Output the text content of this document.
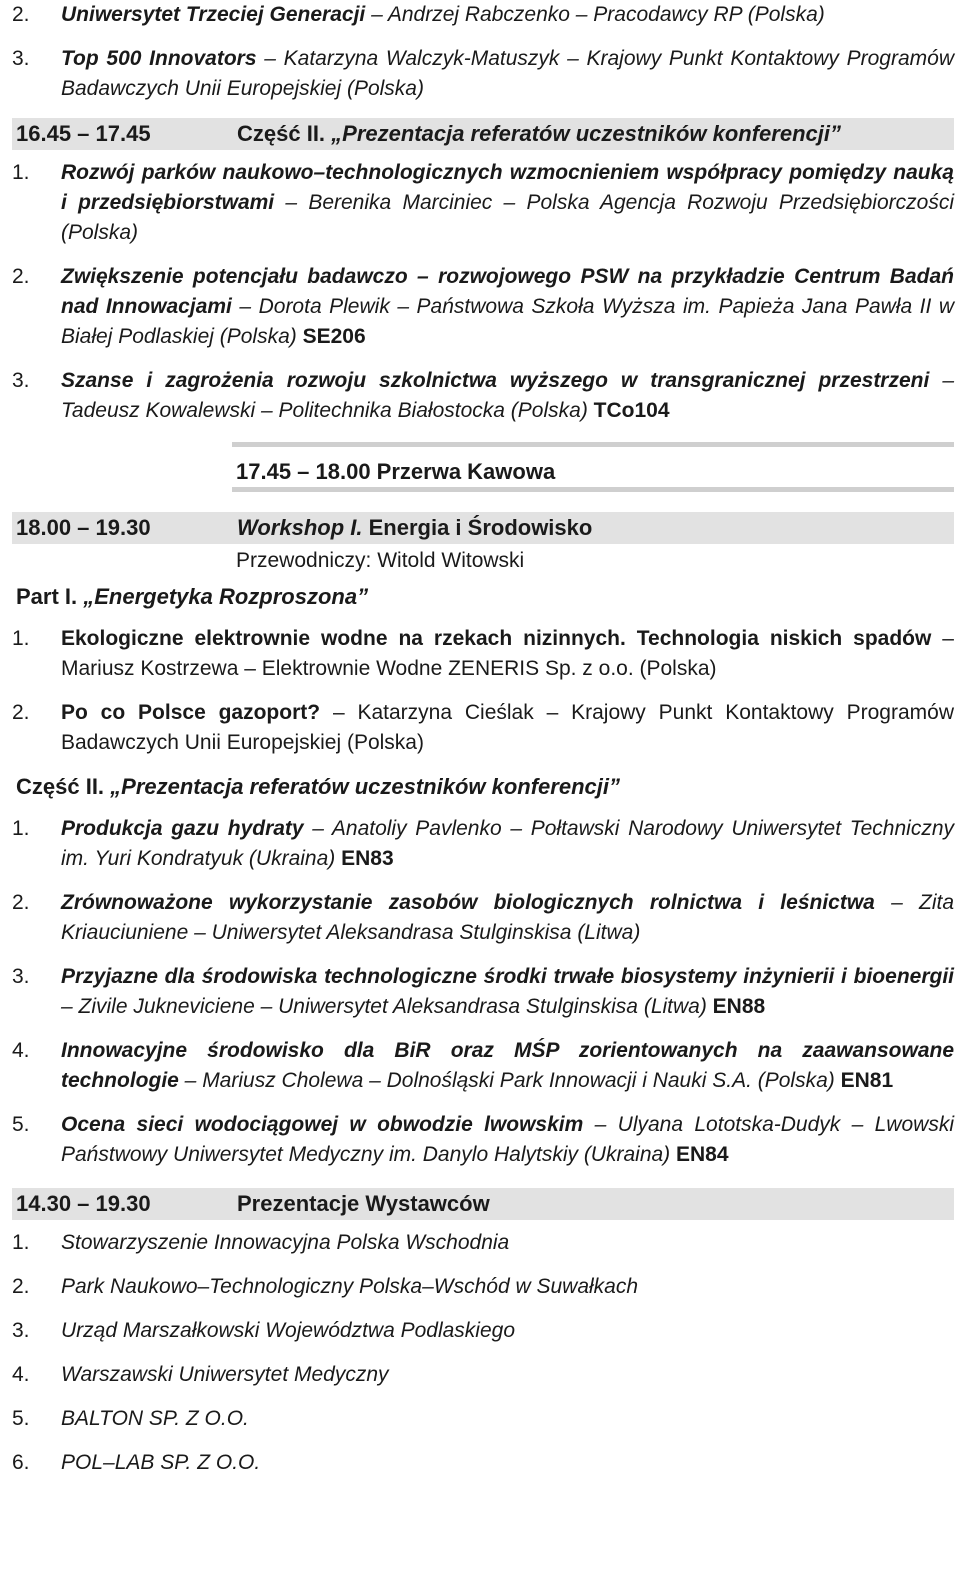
2.	Uniwersytet Trzeciej Generacji – Andrzej Rabczenko – Pracodawcy RP (Polska)
3.	Top 500 Innovators – Katarzyna Walczyk-Matuszyk – Krajowy Punkt Kontaktowy Programów Badawczych Unii Europejskiej (Polska)
16.45 – 17.45	Część II. „Prezentacja referatów uczestników konferencji”
1.	Rozwój parków naukowo–technologicznych wzmocnieniem współpracy pomiędzy nauką i przedsiębiorstwami – Berenika Marciniec – Polska Agencja Rozwoju Przedsiębiorczości (Polska)
2.	Zwiększenie potencjału badawczo – rozwojowego PSW na przykładzie Centrum Badań nad Innowacjami – Dorota Plewik – Państwowa Szkoła Wyższa im. Papieża Jana Pawła II w Białej Podlaskiej (Polska) SE206
3.	Szanse i zagrożenia rozwoju szkolnictwa wyższego w transgranicznej przestrzeni –Tadeusz Kowalewski – Politechnika Białostocka (Polska) TCo104
17.45 – 18.00 Przerwa Kawowa
18.00 – 19.30	Workshop I. Energia i Środowisko
Przewodniczy: Witold Witowski
Part I. „Energetyka Rozproszona”
1.	Ekologiczne elektrownie wodne na rzekach nizinnych. Technologia niskich spadów – Mariusz Kostrzewa – Elektrownie Wodne ZENERIS Sp. z o.o. (Polska)
2.	Po co Polsce gazoport? – Katarzyna Cieślak – Krajowy Punkt Kontaktowy Programów Badawczych Unii Europejskiej (Polska)
Część II. „Prezentacja referatów uczestników konferencji”
1.	Produkcja gazu hydraty – Anatoliy Pavlenko – Połtawski Narodowy Uniwersytet Techniczny im. Yuri Kondratyuk (Ukraina) EN83
2.	Zrównoważone wykorzystanie zasobów biologicznych rolnictwa i leśnictwa – Zita Kriauciuniene – Uniwersytet Aleksandrasa Stulginskisa (Litwa)
3.	Przyjazne dla środowiska technologiczne środki trwałe biosystemy inżynierii i bioenergii – Zivile Jukneviciene – Uniwersytet Aleksandrasa Stulginskisa (Litwa) EN88
4.	Innowacyjne środowisko dla BiR oraz MŚP zorientowanych na zaawansowane technologie – Mariusz Cholewa – Dolnośląski Park Innowacji i Nauki S.A. (Polska) EN81
5.	Ocena sieci wodociągowej w obwodzie lwowskim – Ulyana Lototska-Dudyk – Lwowski Państwowy Uniwersytet Medyczny im. Danylo Halytskiy (Ukraina) EN84
14.30 – 19.30	Prezentacje Wystawców
1.	Stowarzyszenie Innowacyjna Polska Wschodnia
2.	Park Naukowo–Technologiczny Polska–Wschód w Suwałkach
3.	Urząd Marszałkowski Województwa Podlaskiego
4.	Warszawski Uniwersytet Medyczny
5.	BALTON SP. Z O.O.
6.	POL–LAB SP. Z O.O.
